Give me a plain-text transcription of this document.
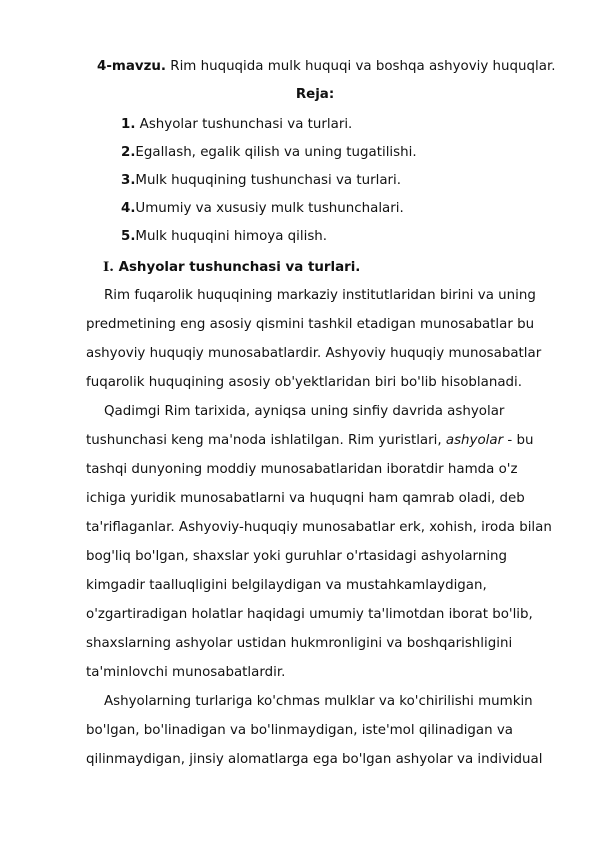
4-mavzu. Rim huquqida mulk huquqi va boshqa ashyoviy huquqlar.
Reja:
1. Ashyolar tushunchasi va turlari.
2.Egallash, egalik qilish va uning tugatilishi.
3.Mulk huquqining tushunchasi va turlari.
4.Umumiy va xususiy mulk tushunchalari.
5.Mulk huquqini himoya qilish.
I. Ashyolar tushunchasi va turlari.
Rim fuqarolik huquqining markaziy institutlaridan birini va uning
predmetining eng asosiy qismini tashkil etadigan munosabatlar bu
ashyoviy huquqiy munosabatlardir. Ashyoviy huquqiy munosabatlar
fuqarolik huquqining asosiy ob'yektlaridan biri bo'lib hisoblanadi.
Qadimgi Rim tarixida, ayniqsa uning sinfiy davrida ashyolar
tushunchasi keng ma'noda ishlatilgan. Rim yuristlari, ashyolar - bu
tashqi dunyoning moddiy munosabatlaridan iboratdir hamda o'z
ichiga yuridik munosabatlarni va huquqni ham qamrab oladi, deb
ta'riflaganlar. Ashyoviy-huquqiy munosabatlar erk, xohish, iroda bilan
bog'liq bo'lgan, shaxslar yoki guruhlar o'rtasidagi ashyolarning
kimgadir taalluqligini belgilaydigan va mustahkamlaydigan,
o'zgartiradigan holatlar haqidagi umumiy ta'limotdan iborat bo'lib,
shaxslarning ashyolar ustidan hukmronligini va boshqarishligini
ta'minlovchi munosabatlardir.
Ashyolarning turlariga ko'chmas mulklar va ko'chirilishi mumkin
bo'lgan, bo'linadigan va bo'linmaydigan, iste'mol qilinadigan va
qilinmaydigan, jinsiy alomatlarga ega bo'lgan ashyolar va individual
